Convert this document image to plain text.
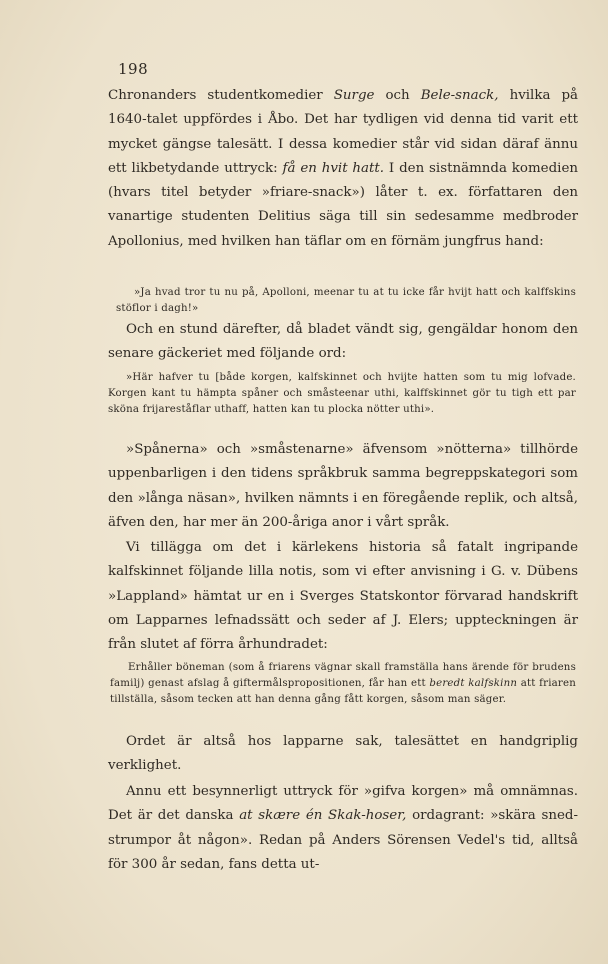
198

Chronanders studentkomedier Surge och Bele-snack, hvilka på 1640-talet uppfördes i Åbo. Det har tydligen vid denna tid varit ett mycket gängse talesätt. I dessa komedier står vid sidan däraf ännu ett likbetydande uttryck: få en hvit hatt. I den sistnämnda komedien (hvars titel betyder »friare-snack») låter t. ex. författaren den vanartige studenten Delitius säga till sin sedesamme medbroder Apollonius, med hvilken han täflar om en förnäm jungfrus hand:

»Ja hvad tror tu nu på, Apolloni, meenar tu at tu icke får hvijt hatt och kalffskins stöflor i dagh!»

Och en stund därefter, då bladet vändt sig, gengäldar honom den senare gäckeriet med följande ord:

»Här hafver tu [både korgen, kalfskinnet och hvijte hatten som tu mig lofvade. Korgen kant tu hämpta spåner och småsteenar uthi, kalffskinnet gör tu tigh ett par sköna frijareståflar uthaff, hatten kan tu plocka nötter uthi».

»Spånerna» och »småstenarne» äfvensom »nötterna» tillhörde uppenbarligen i den tidens språkbruk samma begreppskategori som den »långa näsan», hvilken nämnts i en föregående replik, och altså, äfven den, har mer än 200-åriga anor i vårt språk.

Vi tillägga om det i kärlekens historia så fatalt ingripande kalfskinnet följande lilla notis, som vi efter anvisning i G. v. Dübens »Lappland» hämtat ur en i Sverges Statskontor förvarad handskrift om Lapparnes lefnadssätt och seder af J. Elers; uppteckningen är från slutet af förra århundradet:

Erhåller böneman (som å friarens vägnar skall framställa hans ärende för brudens familj) genast afslag å giftermålspropositionen, får han ett beredt kalfskinn att friaren tillställa, såsom tecken att han denna gång fått korgen, såsom man säger.

Ordet är altså hos lapparne sak, talesättet en handgriplig verklighet.

Annu ett besynnerligt uttryck för »gifva korgen» må omnämnas. Det är det danska at skære én Skak-hoser, ordagrant: »skära sned-strumpor åt någon». Redan på Anders Sörensen Vedel's tid, alltså för 300 år sedan, fans detta ut-
